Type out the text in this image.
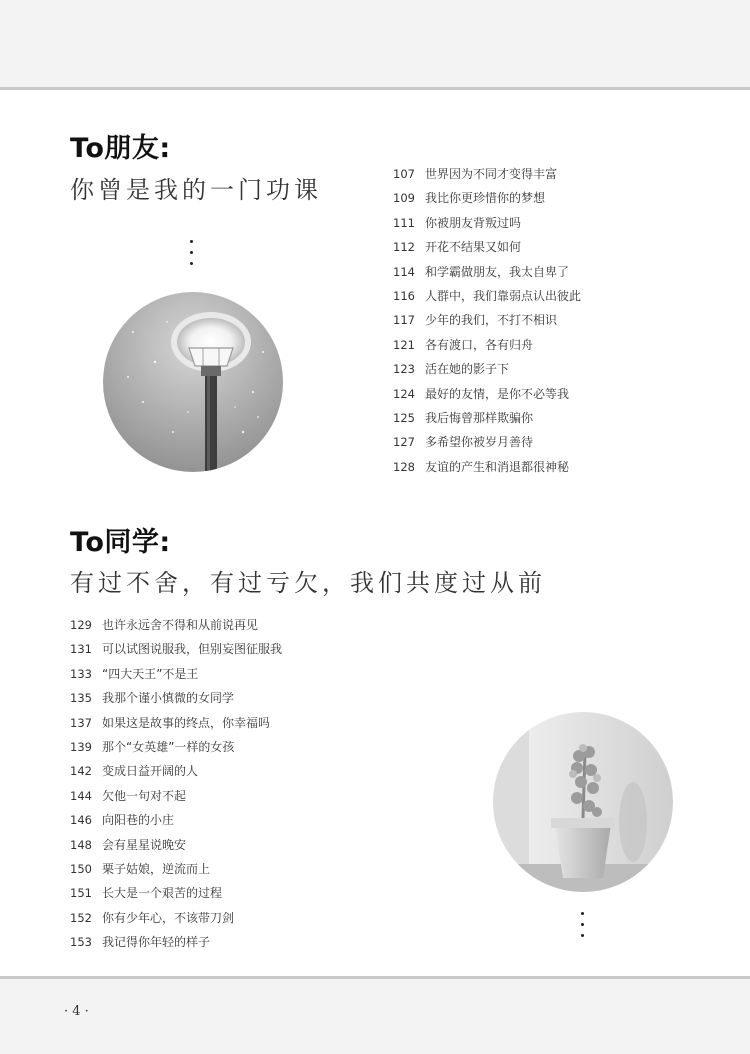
To朋友:
你曾是我的一门功课
107 世界因为不同才变得丰富
109 我比你更珍惜你的梦想
111 你被朋友背叛过吗
112 开花不结果又如何
114 和学霸做朋友，我太自卑了
116 人群中，我们靠弱点认出彼此
117 少年的我们，不打不相识
121 各有渡口，各有归舟
123 活在她的影子下
124 最好的友情，是你不必等我
125 我后悔曾那样欺骗你
127 多希望你被岁月善待
128 友谊的产生和消退都很神秘
To同学:
有过不舍，有过亏欠，我们共度过从前
129 也许永远舍不得和从前说再见
131 可以试图说服我，但别妄图征服我
133 “四大天王”不是王
135 我那个谨小慎微的女同学
137 如果这是故事的终点，你幸福吗
139 那个“女英雄”一样的女孩
142 变成日益开阔的人
144 欠他一句对不起
146 向阳巷的小庄
148 会有星星说晚安
150 栗子姑娘，逆流而上
151 长大是一个艰苦的过程
152 你有少年心，不该带刀剑
153 我记得你年轻的样子
· 4 ·
